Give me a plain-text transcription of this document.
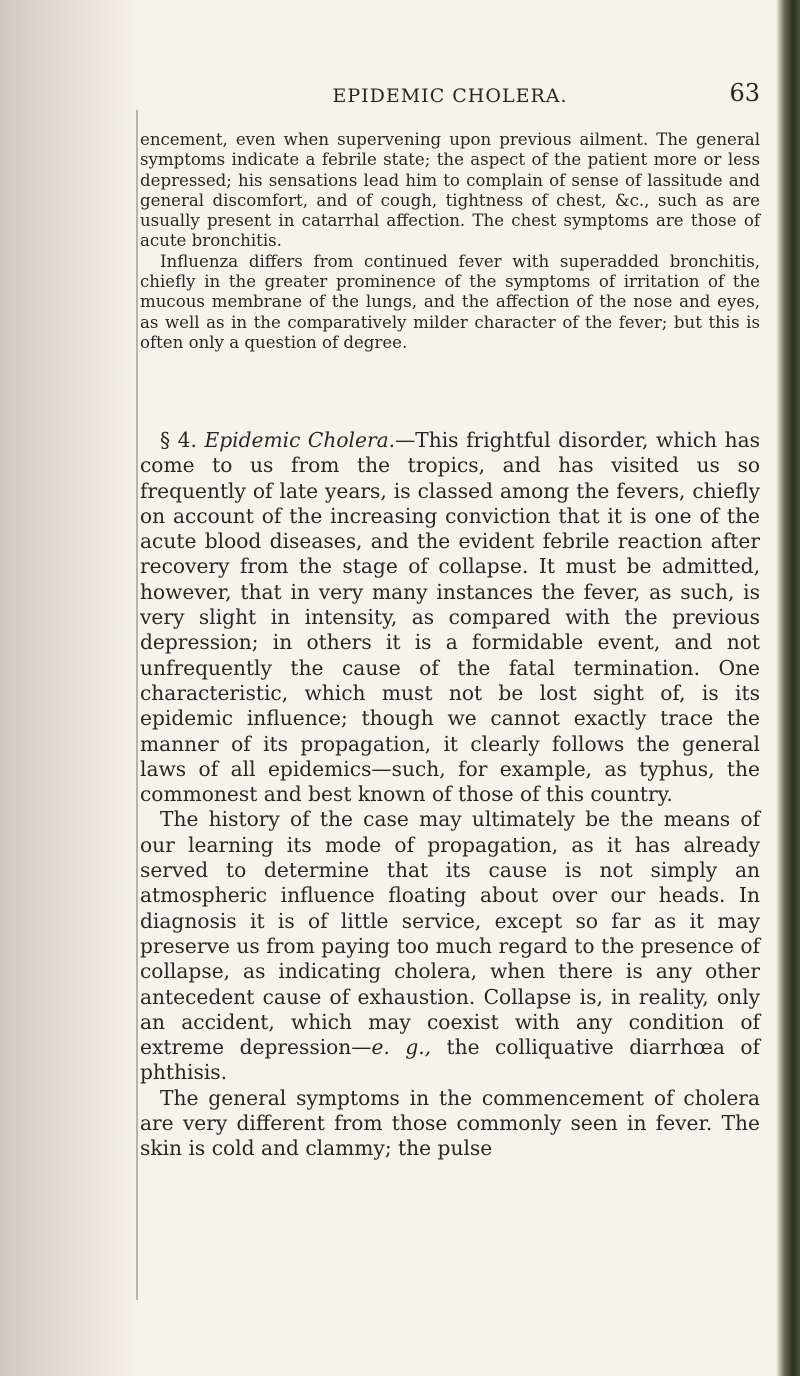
EPIDEMIC CHOLERA.	63

encement, even when supervening upon previous ailment. The general symptoms indicate a febrile state; the aspect of the patient more or less depressed; his sensations lead him to complain of sense of lassitude and general discomfort, and of cough, tightness of chest, &c., such as are usually present in catarrhal affection. The chest symptoms are those of acute bronchitis.

Influenza differs from continued fever with superadded bronchitis, chiefly in the greater prominence of the symptoms of irritation of the mucous membrane of the lungs, and the affection of the nose and eyes, as well as in the comparatively milder character of the fever; but this is often only a question of degree.

§ 4. Epidemic Cholera.—This frightful disorder, which has come to us from the tropics, and has visited us so frequently of late years, is classed among the fevers, chiefly on account of the increasing conviction that it is one of the acute blood diseases, and the evident febrile reaction after recovery from the stage of collapse. It must be admitted, however, that in very many instances the fever, as such, is very slight in intensity, as compared with the previous depression; in others it is a formidable event, and not unfrequently the cause of the fatal termination. One characteristic, which must not be lost sight of, is its epidemic influence; though we cannot exactly trace the manner of its propagation, it clearly follows the general laws of all epidemics—such, for example, as typhus, the commonest and best known of those of this country.

The history of the case may ultimately be the means of our learning its mode of propagation, as it has already served to determine that its cause is not simply an atmospheric influence floating about over our heads. In diagnosis it is of little service, except so far as it may preserve us from paying too much regard to the presence of collapse, as indicating cholera, when there is any other antecedent cause of exhaustion. Collapse is, in reality, only an accident, which may coexist with any condition of extreme depression—e. g., the colliquative diarrhœa of phthisis.

The general symptoms in the commencement of cholera are very different from those commonly seen in fever. The skin is cold and clammy; the pulse
